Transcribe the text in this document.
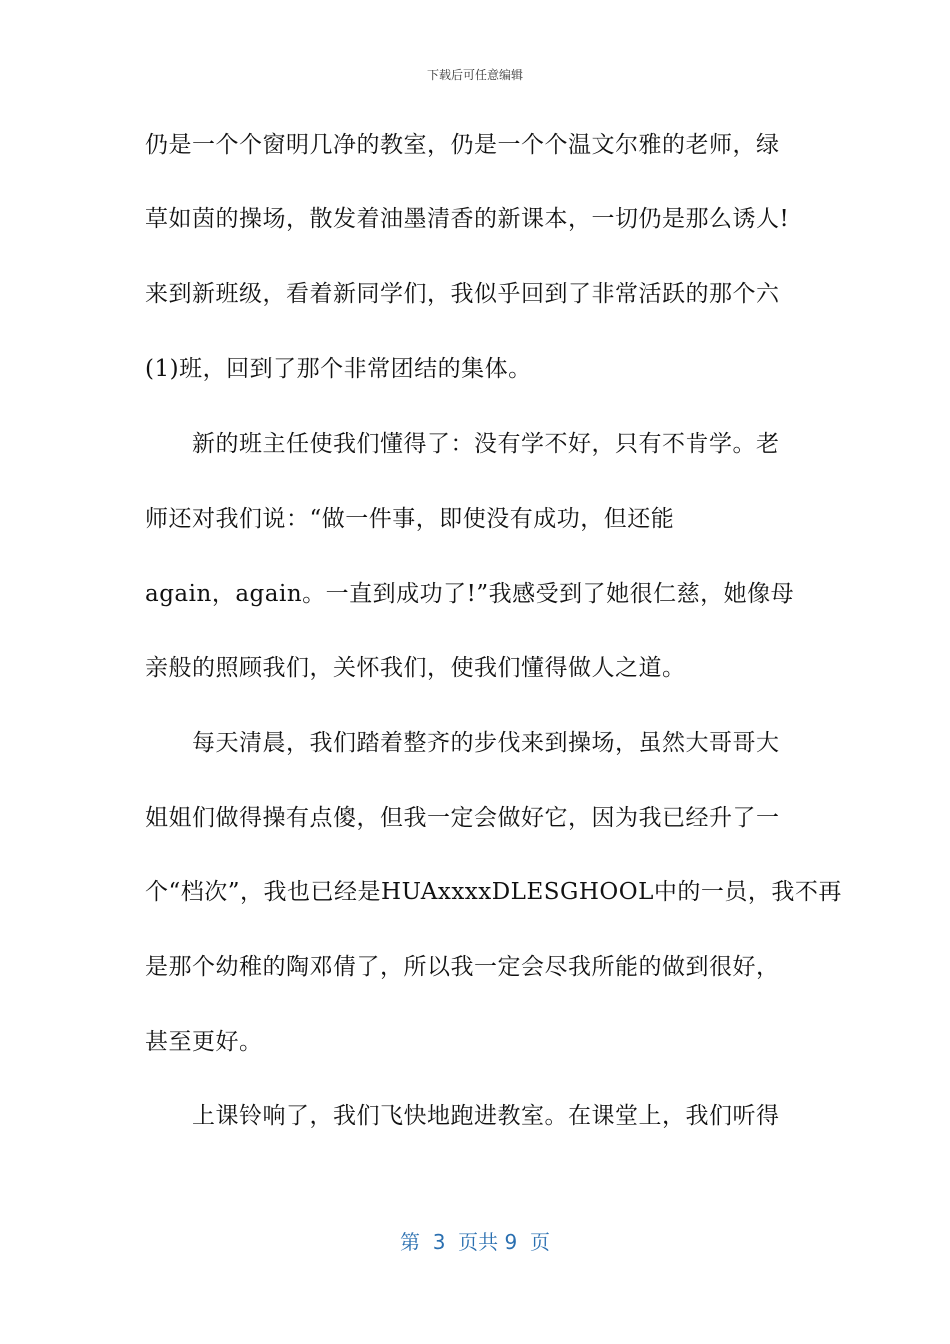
下载后可任意编辑
仍是一个个窗明几净的教室，仍是一个个温文尔雅的老师，绿
草如茵的操场，散发着油墨清香的新课本，一切仍是那么诱人!
来到新班级，看着新同学们，我似乎回到了非常活跃的那个六
(1)班，回到了那个非常团结的集体。
新的班主任使我们懂得了：没有学不好，只有不肯学。老
师还对我们说：“做一件事，即使没有成功，但还能
again，again。一直到成功了!”我感受到了她很仁慈，她像母
亲般的照顾我们，关怀我们，使我们懂得做人之道。
每天清晨，我们踏着整齐的步伐来到操场，虽然大哥哥大
姐姐们做得操有点傻，但我一定会做好它，因为我已经升了一
个“档次”，我也已经是HUAxxxxDLESGHOOL中的一员，我不再
是那个幼稚的陶邓倩了，所以我一定会尽我所能的做到很好，
甚至更好。
上课铃响了，我们飞快地跑进教室。在课堂上，我们听得
第  3  页共 9  页
